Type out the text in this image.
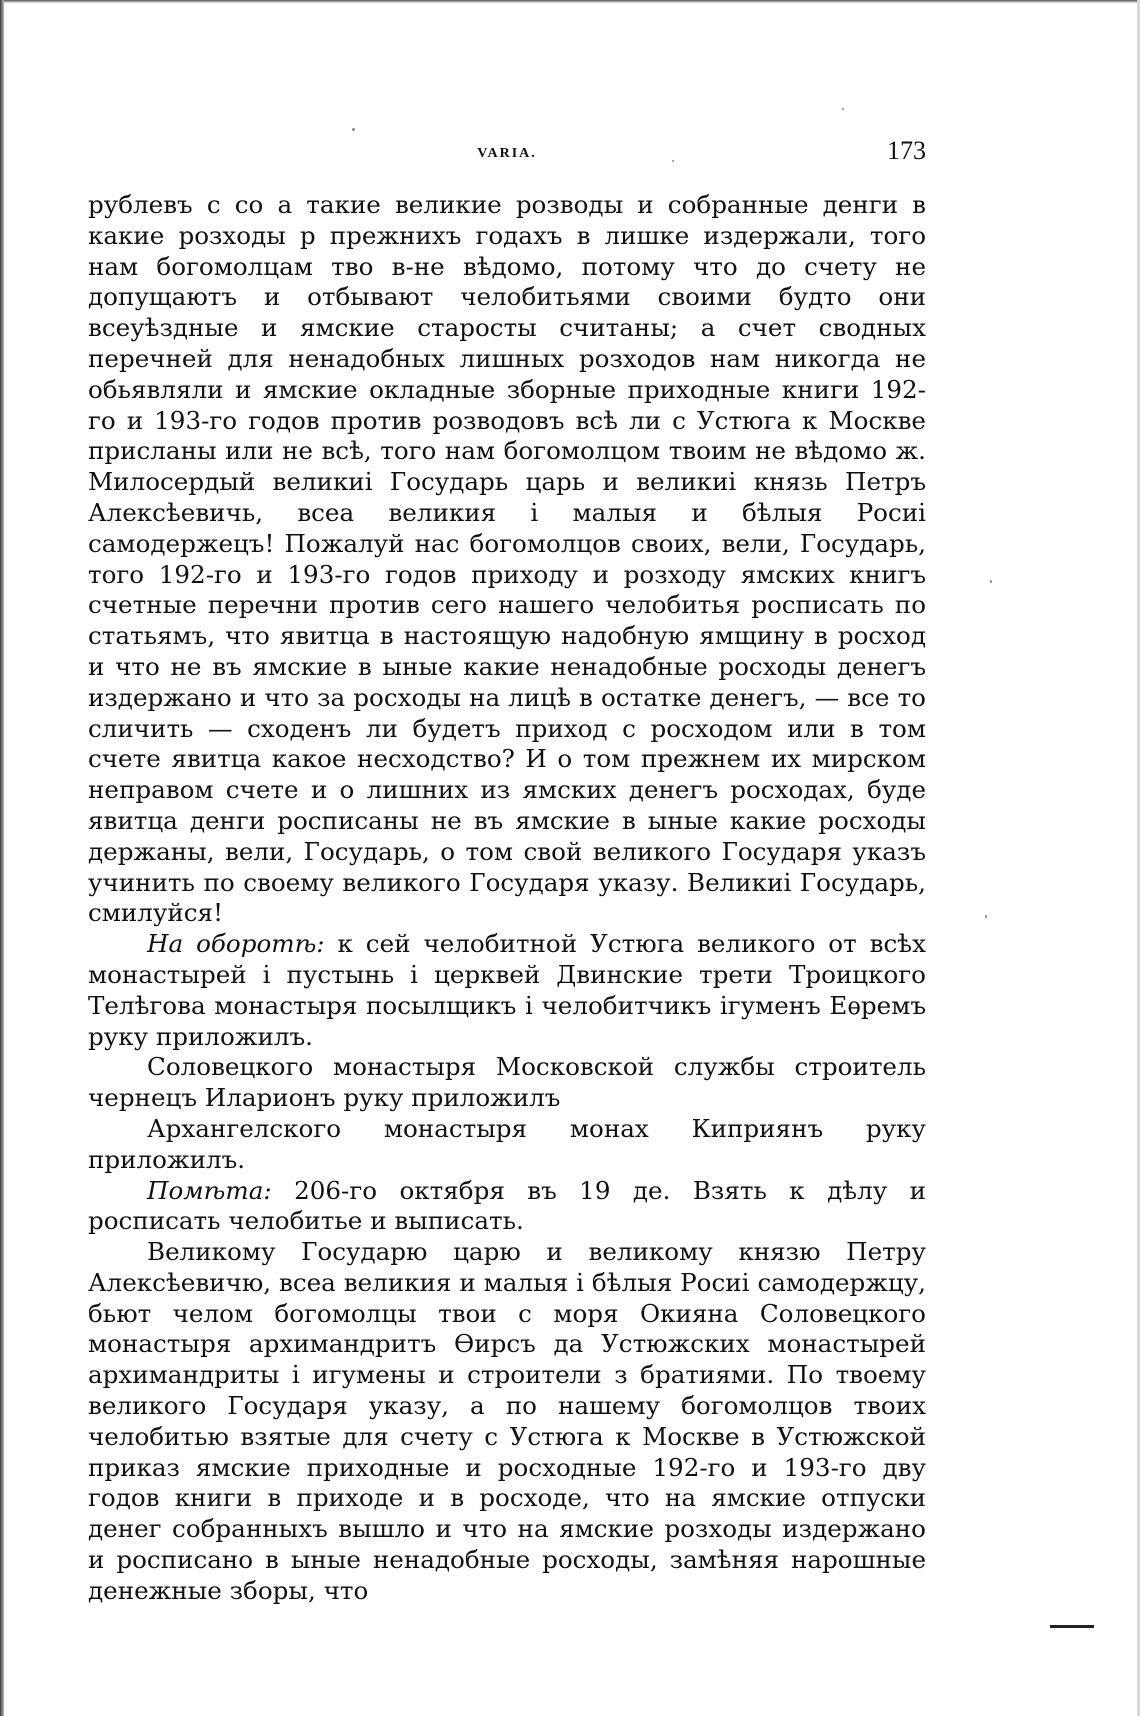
VARIA.	173

рублевъ с со а такие великие розводы и собранные денги в какие розходы р прежнихъ годахъ в лишке издержали, того нам богомолцам тво в-не вѣдомо, потому что до счету не допущаютъ и отбывают челобитьями своими будто они всеуѣздные и ямские старосты считаны; а счет сводных перечней для ненадобных лишных розходов нам никогда не обьявляли и ямские окладные зборные приходные книги 192-го и 193-го годов против розводовъ всѣ ли с Устюга к Москве присланы или не всѣ, того нам богомолцом твоим не вѣдомо ж. Милосердый великиі Государь царь и великиі князь Петръ Алексѣевичь, всеа великия і малыя и бѣлыя Росиі самодержецъ! Пожалуй нас богомолцов своих, вели, Государь, того 192-го и 193-го годов приходу и розходу ямских книгъ счетные перечни против сего нашего челобитья росписать по статьямъ, что явитца в настоящую надобную ямщину в росход и что не въ ямские в ыные какие ненадобные росходы денегъ издержано и что за росходы на лицѣ в остатке денегъ, — все то сличить — сходенъ ли будетъ приход с росходом или в том счете явитца какое несходство? И о том прежнем их мирском неправом счете и о лишних из ямских денегъ росходах, буде явитца денги росписаны не въ ямские в ыные какие росходы держаны, вели, Государь, о том свой великого Государя указъ учинить по своему великого Государя указу. Великиі Государь, смилуйся!

На оборотѣ: к сей челобитной Устюга великого от всѣх монастырей і пустынь і церквей Двинские трети Троицкого Телѣгова монастыря посылщикъ і челобитчикъ ігуменъ Еѳремъ руку приложилъ.

Соловецкого монастыря Московской службы строитель чернецъ Иларионъ руку приложилъ

Архангелского монастыря монах Киприянъ руку приложилъ.

Помѣта: 206-го октября въ 19 де. Взять к дѣлу и росписать челобитье и выписать.

Великому Государю царю и великому князю Петру Алексѣевичю, всеа великия и малыя і бѣлыя Росиі самодержцу, бьют челом богомолцы твои с моря Окияна Соловецкого монастыря архимандритъ Ѳирсъ да Устюжских монастырей архимандриты і игумены и строители з братиями. По твоему великого Государя указу, а по нашему богомолцов твоих челобитью взятые для счету с Устюга к Москве в Устюжской приказ ямские приходные и росходные 192-го и 193-го дву годов книги в приходе и в росходе, что на ямские отпуски денег собранныхъ вышло и что на ямские розходы издержано и росписано в ыные ненадобные росходы, замѣняя нарошные денежные зборы, что
